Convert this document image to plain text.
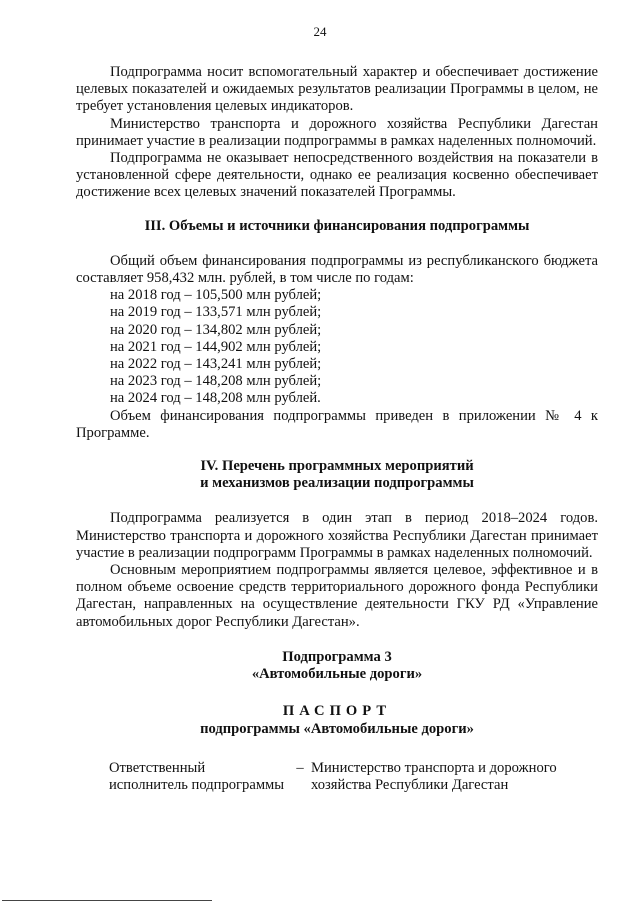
24

Подпрограмма носит вспомогательный характер и обеспечивает достижение целевых показателей и ожидаемых результатов реализации Программы в целом, не требует установления целевых индикаторов.

Министерство транспорта и дорожного хозяйства Республики Дагестан принимает участие в реализации подпрограммы в рамках наделенных полномочий.

Подпрограмма не оказывает непосредственного воздействия на показатели в установленной сфере деятельности, однако ее реализация косвенно обеспечивает достижение всех целевых значений показателей Программы.

III. Объемы и источники финансирования подпрограммы

Общий объем финансирования подпрограммы из республиканского бюджета составляет 958,432 млн. рублей, в том числе по годам:

на 2018 год – 105,500 млн рублей;
на 2019 год – 133,571 млн рублей;
на 2020 год – 134,802 млн рублей;
на 2021 год – 144,902 млн рублей;
на 2022 год – 143,241 млн рублей;
на 2023 год – 148,208 млн рублей;
на 2024 год – 148,208 млн рублей.

Объем финансирования подпрограммы приведен в приложении № 4 к Программе.

IV. Перечень программных мероприятий
и механизмов реализации подпрограммы

Подпрограмма реализуется в один этап в период 2018–2024 годов. Министерство транспорта и дорожного хозяйства Республики Дагестан принимает участие в реализации подпрограмм Программы в рамках наделенных полномочий.

Основным мероприятием подпрограммы является целевое, эффективное и в полном объеме освоение средств территориального дорожного фонда Республики Дагестан, направленных на осуществление деятельности ГКУ РД «Управление автомобильных дорог Республики Дагестан».

Подпрограмма 3
«Автомобильные дороги»
ПАСПОРТ
подпрограммы «Автомобильные дороги»
Ответственный
исполнитель подпрограммы
– Министерство транспорта и дорожного
хозяйства Республики Дагестан
